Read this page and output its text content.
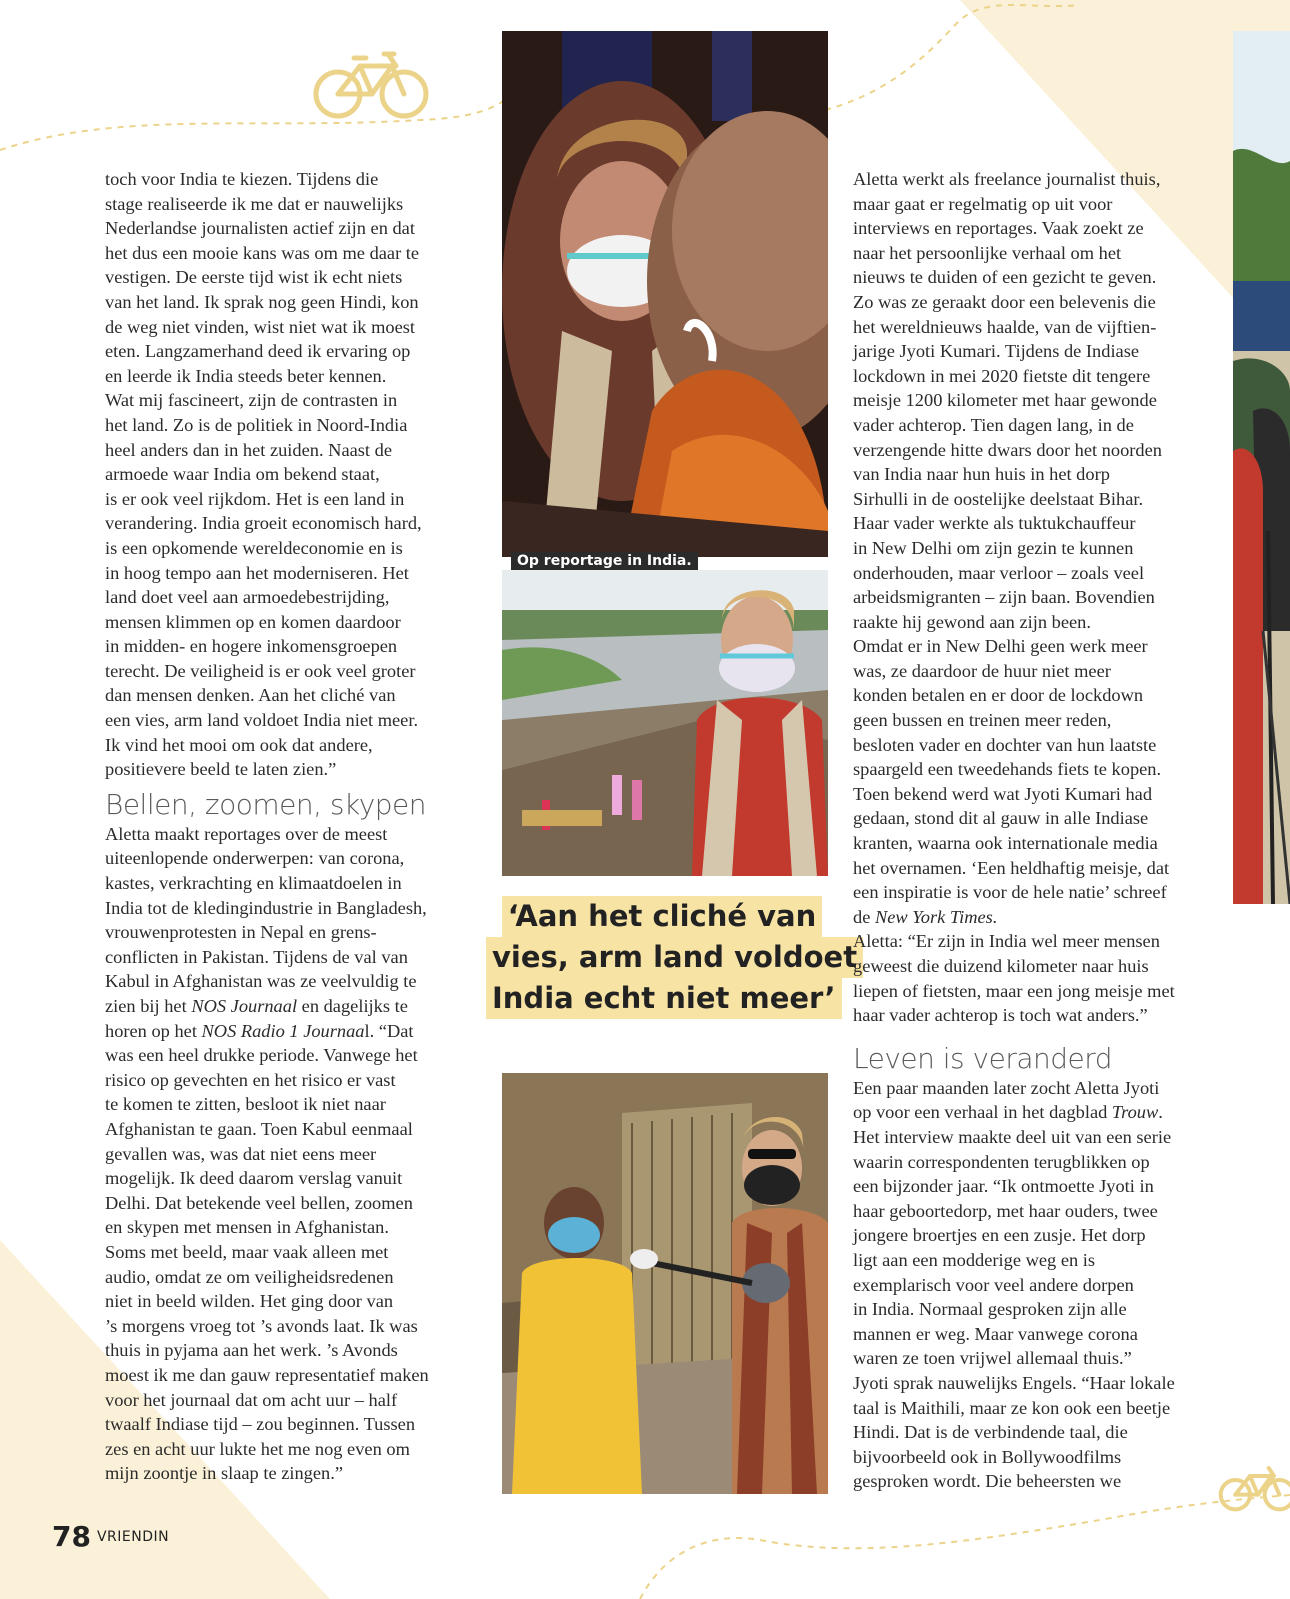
toch voor India te kiezen. Tijdens die
stage realiseerde ik me dat er nauwelijks
Nederlandse journalisten actief zijn en dat
het dus een mooie kans was om me daar te
vestigen. De eerste tijd wist ik echt niets
van het land. Ik sprak nog geen Hindi, kon
de weg niet vinden, wist niet wat ik moest
eten. Langzamerhand deed ik ervaring op
en leerde ik India steeds beter kennen.
Wat mij fascineert, zijn de contrasten in
het land. Zo is de politiek in Noord-India
heel anders dan in het zuiden. Naast de
armoede waar India om bekend staat,
is er ook veel rijkdom. Het is een land in
verandering. India groeit economisch hard,
is een opkomende wereldeconomie en is
in hoog tempo aan het moderniseren. Het
land doet veel aan armoedebestrijding,
mensen klimmen op en komen daardoor
in midden- en hogere inkomensgroepen
terecht. De veiligheid is er ook veel groter
dan mensen denken. Aan het cliché van
een vies, arm land voldoet India niet meer.
Ik vind het mooi om ook dat andere,
positievere beeld te laten zien.”
Bellen, zoomen, skypen
Aletta maakt reportages over de meest
uiteenlopende onderwerpen: van corona,
kastes, verkrachting en klimaatdoelen in
India tot de kledingindustrie in Bangladesh,
vrouwenprotesten in Nepal en grens-
conflicten in Pakistan. Tijdens de val van
Kabul in Afghanistan was ze veelvuldig te
zien bij het NOS Journaal en dagelijks te
horen op het NOS Radio 1 Journaal. “Dat
was een heel drukke periode. Vanwege het
risico op gevechten en het risico er vast
te komen te zitten, besloot ik niet naar
Afghanistan te gaan. Toen Kabul eenmaal
gevallen was, was dat niet eens meer
mogelijk. Ik deed daarom verslag vanuit
Delhi. Dat betekende veel bellen, zoomen
en skypen met mensen in Afghanistan.
Soms met beeld, maar vaak alleen met
audio, omdat ze om veiligheidsredenen
niet in beeld wilden. Het ging door van
’s morgens vroeg tot ’s avonds laat. Ik was
thuis in pyjama aan het werk. ’s Avonds
moest ik me dan gauw representatief maken
voor het journaal dat om acht uur – half
twaalf Indiase tijd – zou beginnen. Tussen
zes en acht uur lukte het me nog even om
mijn zoontje in slaap te zingen.”
Op reportage in India.
‘Aan het cliché van
vies, arm land voldoet
India echt niet meer’

Aletta werkt als freelance journalist thuis,
maar gaat er regelmatig op uit voor
interviews en reportages. Vaak zoekt ze
naar het persoonlijke verhaal om het
nieuws te duiden of een gezicht te geven.
Zo was ze geraakt door een belevenis die
het wereldnieuws haalde, van de vijftien-
jarige Jyoti Kumari. Tijdens de Indiase
lockdown in mei 2020 fietste dit tengere
meisje 1200 kilometer met haar gewonde
vader achterop. Tien dagen lang, in de
verzengende hitte dwars door het noorden
van India naar hun huis in het dorp
Sirhulli in de oostelijke deelstaat Bihar.
Haar vader werkte als tuktukchauffeur
in New Delhi om zijn gezin te kunnen
onderhouden, maar verloor – zoals veel
arbeidsmigranten – zijn baan. Bovendien
raakte hij gewond aan zijn been.
Omdat er in New Delhi geen werk meer
was, ze daardoor de huur niet meer
konden betalen en er door de lockdown
geen bussen en treinen meer reden,
besloten vader en dochter van hun laatste
spaargeld een tweedehands fiets te kopen.
Toen bekend werd wat Jyoti Kumari had
gedaan, stond dit al gauw in alle Indiase
kranten, waarna ook internationale media
het overnamen. ‘Een heldhaftig meisje, dat
een inspiratie is voor de hele natie’ schreef
de New York Times.
Aletta: “Er zijn in India wel meer mensen
geweest die duizend kilometer naar huis
liepen of fietsten, maar een jong meisje met
haar vader achterop is toch wat anders.”
Leven is veranderd
Een paar maanden later zocht Aletta Jyoti
op voor een verhaal in het dagblad Trouw.
Het interview maakte deel uit van een serie
waarin correspondenten terugblikken op
een bijzonder jaar. “Ik ontmoette Jyoti in
haar geboortedorp, met haar ouders, twee
jongere broertjes en een zusje. Het dorp
ligt aan een modderige weg en is
exemplarisch voor veel andere dorpen
in India. Normaal gesproken zijn alle
mannen er weg. Maar vanwege corona
waren ze toen vrijwel allemaal thuis.”
Jyoti sprak nauwelijks Engels. “Haar lokale
taal is Maithili, maar ze kon ook een beetje
Hindi. Dat is de verbindende taal, die
bijvoorbeeld ook in Bollywoodfilms
gesproken wordt. Die beheersten we
78 VRIENDIN
